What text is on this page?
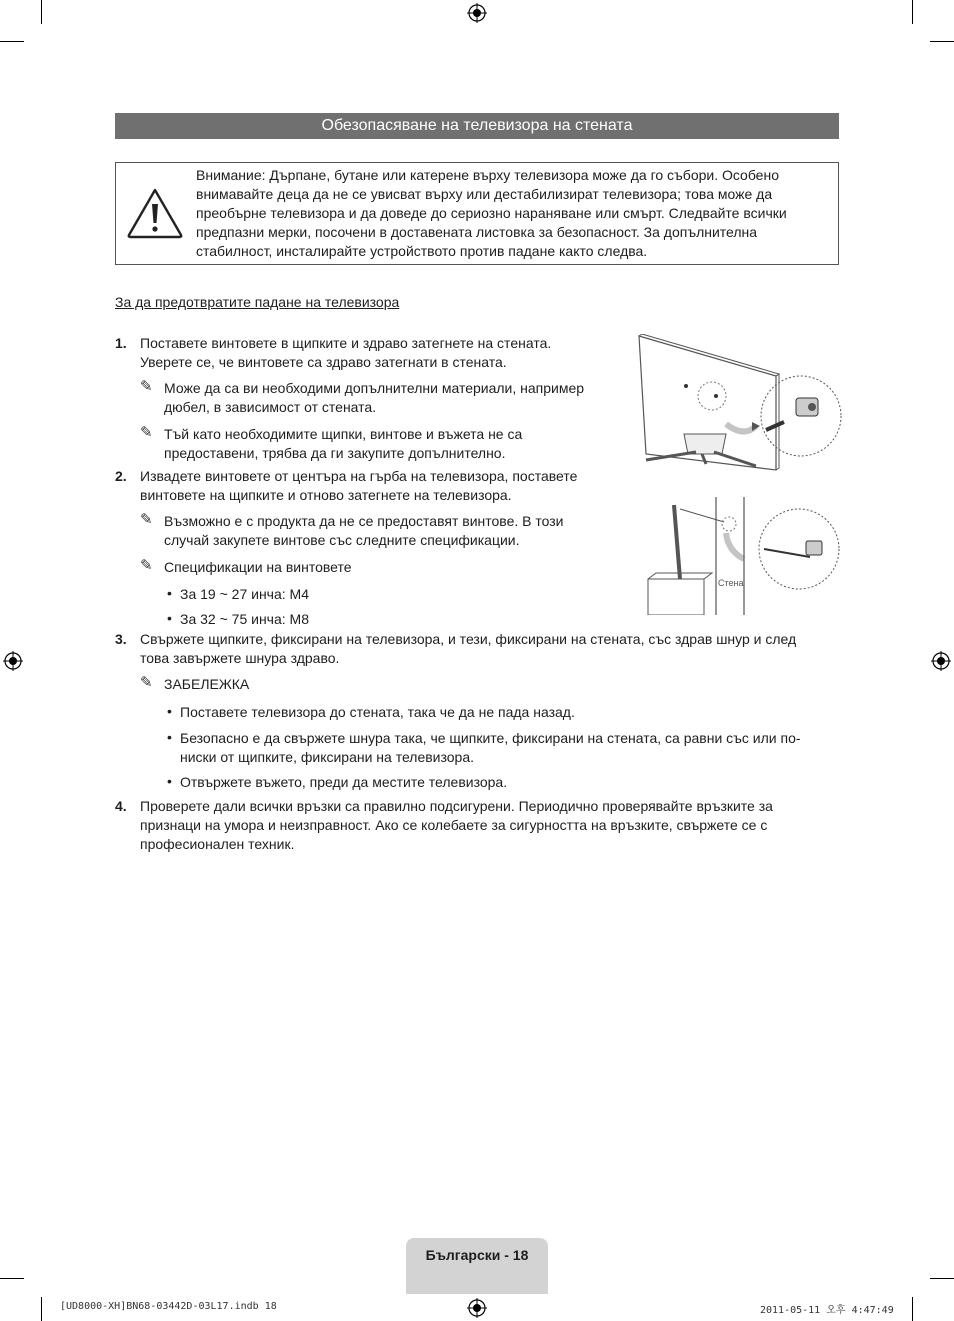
Обезопасяване на телевизора на стената
Внимание: Дърпане, бутане или катерене върху телевизора може да го събори. Особено внимавайте деца да не се увисват върху или дестабилизират телевизора; това може да преобърне телевизора и да доведе до сериозно нараняване или смърт. Следвайте всички предпазни мерки, посочени в доставената листовка за безопасност. За допълнителна стабилност, инсталирайте устройството против падане както следва.
За да предотвратите падане на телевизора
1. Поставете винтовете в щипките и здраво затегнете на стената.
Уверете се, че винтовете са здраво затегнати в стената.
✎ Може да са ви необходими допълнителни материали, например
дюбел, в зависимост от стената.
✎ Тъй като необходимите щипки, винтове и въжета не са
предоставени, трябва да ги закупите допълнително.
2. Извадете винтовете от центъра на гърба на телевизора, поставете
винтовете на щипките и отново затегнете на телевизора.
✎ Възможно е с продукта да не се предоставят винтове. В този
случай закупете винтове със следните спецификации.
✎ Спецификации на винтовете
• За 19 ~ 27 инча: M4
• За 32 ~ 75 инча: M8
3. Свържете щипките, фиксирани на телевизора, и тези, фиксирани на стената, със здрав шнур и след
това завържете шнура здраво.
✎ ЗАБЕЛЕЖКА
• Поставете телевизора до стената, така че да не пада назад.
• Безопасно е да свържете шнура така, че щипките, фиксирани на стената, са равни със или по-
ниски от щипките, фиксирани на телевизора.
• Отвържете въжето, преди да местите телевизора.
4. Проверете дали всички връзки са правилно подсигурени. Периодично проверявайте връзките за
признаци на умора и неизправност. Ако се колебаете за сигурността на връзките, свържете се с
професионален техник.
Стена
Български - 18
[UD8000-XH]BN68-03442D-03L17.indb 18	2011-05-11 오후 4:47:49
